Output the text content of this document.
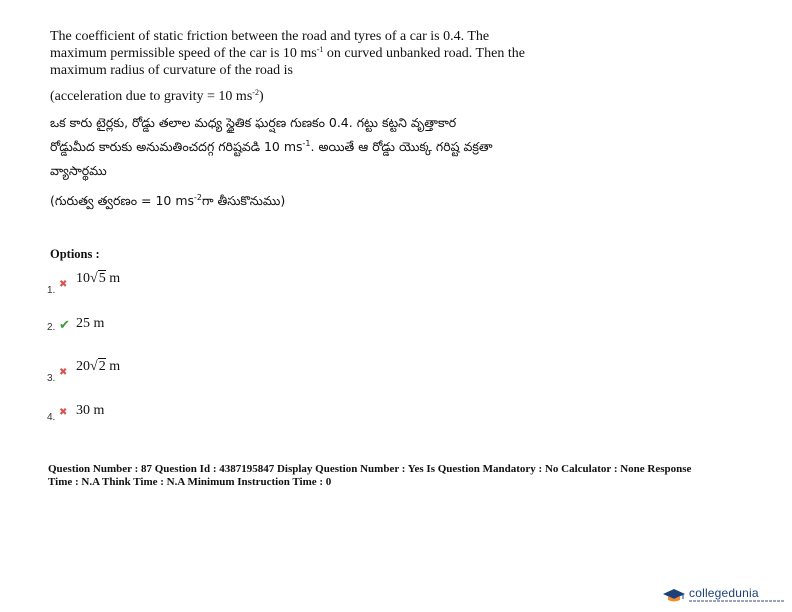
The coefficient of static friction between the road and tyres of a car is 0.4. The
maximum permissible speed of the car is 10 $ms^{-1}$ on curved unbanked road. Then the
maximum radius of curvature of the road is

(acceleration due to gravity = 10 $ms^{-2}$)

ఒక కారు టైర్లకు, రోడ్డు తలాల మధ్య స్థైతిక ఘర్షణ గుణకం 0.4. గట్టు కట్టని వృత్తాకార
రోడ్డుమీద కారుకు అనుమతించదగ్గ గరిష్టవడి 10 $ms^{-1}$. అయితే ఆ రోడ్డు యొక్క గరిష్ట వక్రతా
వ్యాసార్థము

(గురుత్వ త్వరణం = 10 $ms^{-2}గా$ తీసుకొనుము)

Options :
1.
✖ 10√5 m
2. ✔ 25 m
3.
✖ 20√2 m
4. ✖ 30 m
Question Number : 87 Question Id : 4387195847 Display Question Number : Yes Is Question Mandatory : No Calculator : None Response
Time : N.A Think Time : N.A Minimum Instruction Time : 0
collegedunia
